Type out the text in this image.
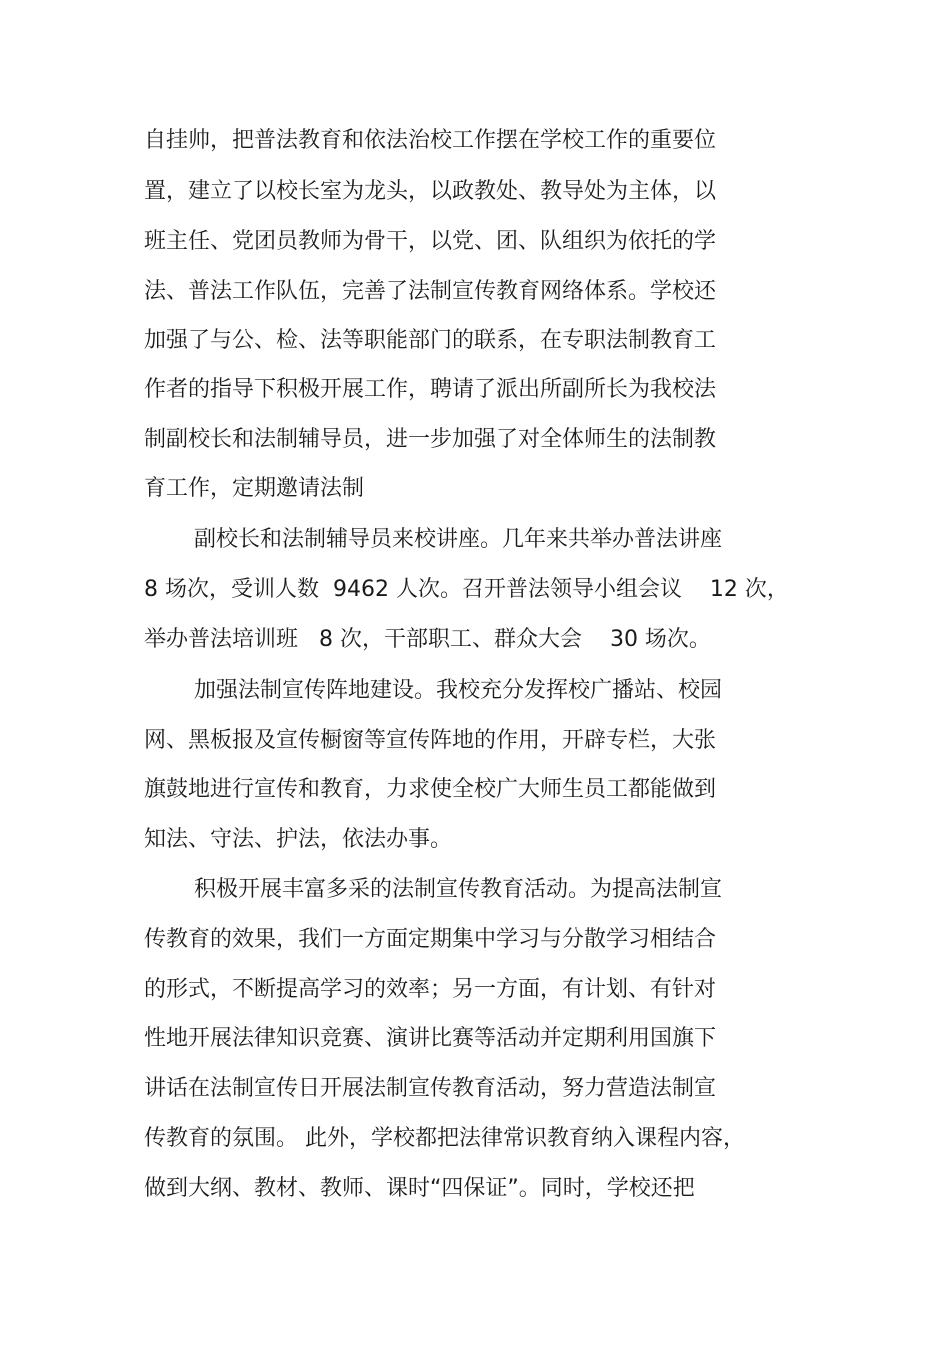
自挂帅，把普法教育和依法治校工作摆在学校工作的重要位

置，建立了以校长室为龙头，以政教处、教导处为主体，以

班主任、党团员教师为骨干，以党、团、队组织为依托的学

法、普法工作队伍，完善了法制宣传教育网络体系。学校还

加强了与公、检、法等职能部门的联系，在专职法制教育工

作者的指导下积极开展工作，聘请了派出所副所长为我校法

制副校长和法制辅导员，进一步加强了对全体师生的法制教

育工作，定期邀请法制

副校长和法制辅导员来校讲座。几年来共举办普法讲座

8 场次，受训人数  9462 人次。召开普法领导小组会议    12 次，

举办普法培训班   8 次，干部职工、群众大会    30 场次。

加强法制宣传阵地建设。我校充分发挥校广播站、校园

网、黑板报及宣传橱窗等宣传阵地的作用，开辟专栏，大张

旗鼓地进行宣传和教育，力求使全校广大师生员工都能做到

知法、守法、护法，依法办事。

积极开展丰富多采的法制宣传教育活动。为提高法制宣

传教育的效果，我们一方面定期集中学习与分散学习相结合

的形式，不断提高学习的效率；另一方面，有计划、有针对

性地开展法律知识竞赛、演讲比赛等活动并定期利用国旗下

讲话在法制宣传日开展法制宣传教育活动，努力营造法制宣

传教育的氛围。 此外，学校都把法律常识教育纳入课程内容，

做到大纲、教材、教师、课时“四保证”。同时，学校还把
